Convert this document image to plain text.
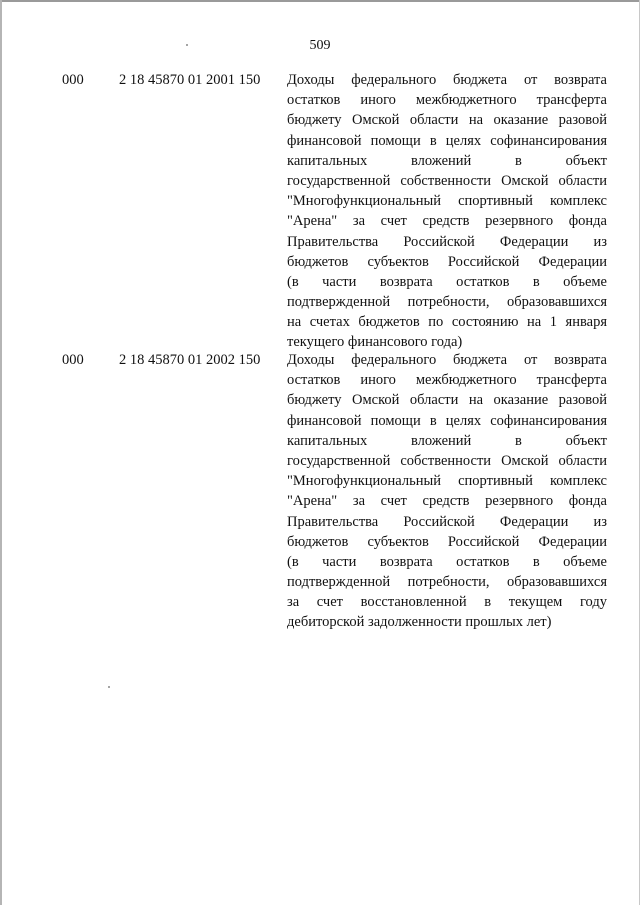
509
000 2 18 45870 01 2001 150 Доходы федерального бюджета от возврата
остатков иного межбюджетного трансферта
бюджету Омской области на оказание разовой
финансовой помощи в целях софинансирования
капитальных вложений в объект
государственной собственности Омской области
"Многофункциональный спортивный комплекс
"Арена" за счет средств резервного фонда
Правительства Российской Федерации из
бюджетов субъектов Российской Федерации
(в части возврата остатков в объеме
подтвержденной потребности, образовавшихся
на счетах бюджетов по состоянию на 1 января
текущего финансового года)
000 2 18 45870 01 2002 150 Доходы федерального бюджета от возврата
остатков иного межбюджетного трансферта
бюджету Омской области на оказание разовой
финансовой помощи в целях софинансирования
капитальных вложений в объект
государственной собственности Омской области
"Многофункциональный спортивный комплекс
"Арена" за счет средств резервного фонда
Правительства Российской Федерации из
бюджетов субъектов Российской Федерации
(в части возврата остатков в объеме
подтвержденной потребности, образовавшихся
за счет восстановленной в текущем году
дебиторской задолженности прошлых лет)
